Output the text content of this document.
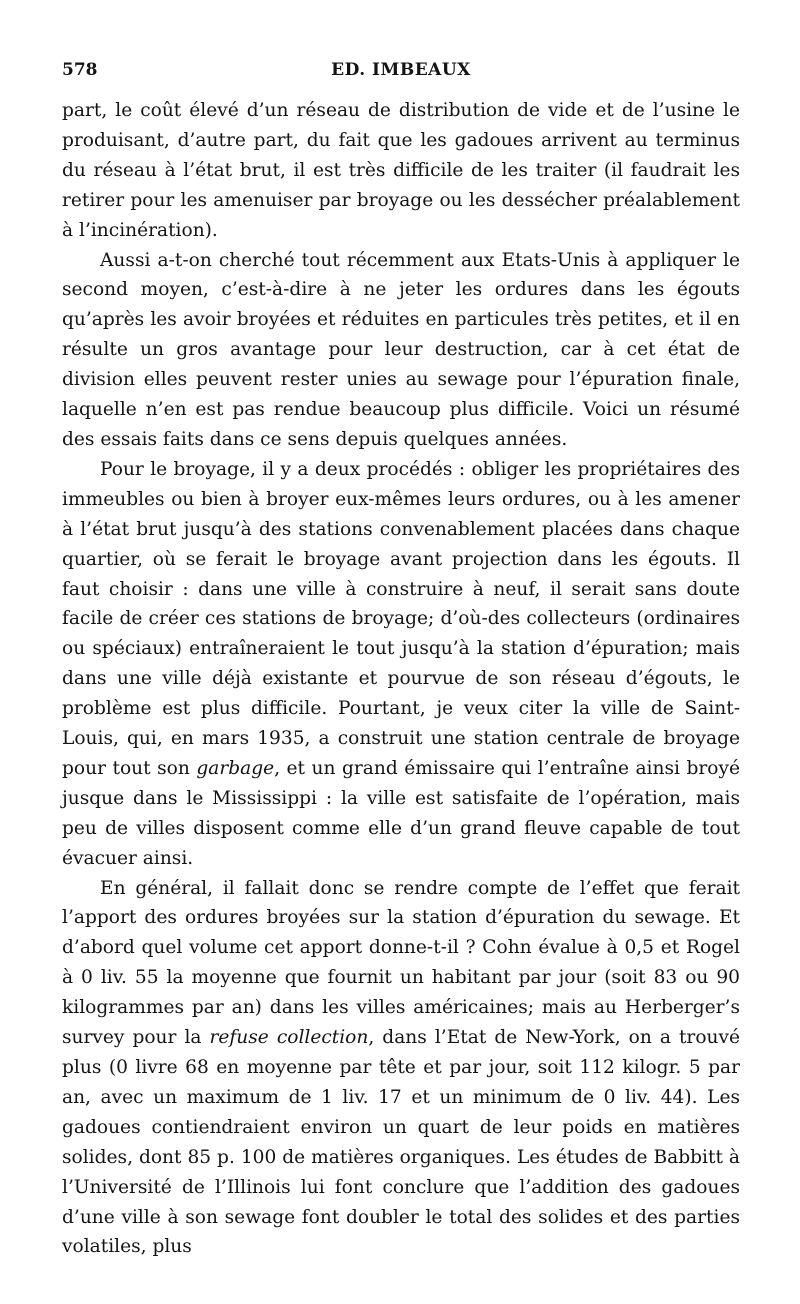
578	ED. IMBEAUX

part, le coût élevé d’un réseau de distribution de vide et de l’usine le produisant, d’autre part, du fait que les gadoues arrivent au terminus du réseau à l’état brut, il est très difficile de les traiter (il faudrait les retirer pour les amenuiser par broyage ou les dessécher préalablement à l’incinération).

Aussi a-t-on cherché tout récemment aux Etats-Unis à appliquer le second moyen, c’est-à-dire à ne jeter les ordures dans les égouts qu’après les avoir broyées et réduites en particules très petites, et il en résulte un gros avantage pour leur destruction, car à cet état de division elles peuvent rester unies au sewage pour l’épuration finale, laquelle n’en est pas rendue beaucoup plus difficile. Voici un résumé des essais faits dans ce sens depuis quelques années.

Pour le broyage, il y a deux procédés : obliger les propriétaires des immeubles ou bien à broyer eux-mêmes leurs ordures, ou à les amener à l’état brut jusqu’à des stations convenablement placées dans chaque quartier, où se ferait le broyage avant projection dans les égouts. Il faut choisir : dans une ville à construire à neuf, il serait sans doute facile de créer ces stations de broyage; d’où-des collecteurs (ordinaires ou spéciaux) entraîneraient le tout jusqu’à la station d’épuration; mais dans une ville déjà existante et pourvue de son réseau d’égouts, le problème est plus difficile. Pourtant, je veux citer la ville de Saint-Louis, qui, en mars 1935, a construit une station centrale de broyage pour tout son garbage, et un grand émissaire qui l’entraîne ainsi broyé jusque dans le Mississippi : la ville est satisfaite de l’opération, mais peu de villes disposent comme elle d’un grand fleuve capable de tout évacuer ainsi.

En général, il fallait donc se rendre compte de l’effet que ferait l’apport des ordures broyées sur la station d’épuration du sewage. Et d’abord quel volume cet apport donne-t-il ? Cohn évalue à 0,5 et Rogel à 0 liv. 55 la moyenne que fournit un habitant par jour (soit 83 ou 90 kilogrammes par an) dans les villes américaines; mais au Herberger’s survey pour la refuse collection, dans l’Etat de New-York, on a trouvé plus (0 livre 68 en moyenne par tête et par jour, soit 112 kilogr. 5 par an, avec un maximum de 1 liv. 17 et un minimum de 0 liv. 44). Les gadoues contiendraient environ un quart de leur poids en matières solides, dont 85 p. 100 de matières organiques. Les études de Babbitt à l’Université de l’Illinois lui font conclure que l’addition des gadoues d’une ville à son sewage font doubler le total des solides et des parties volatiles, plus
